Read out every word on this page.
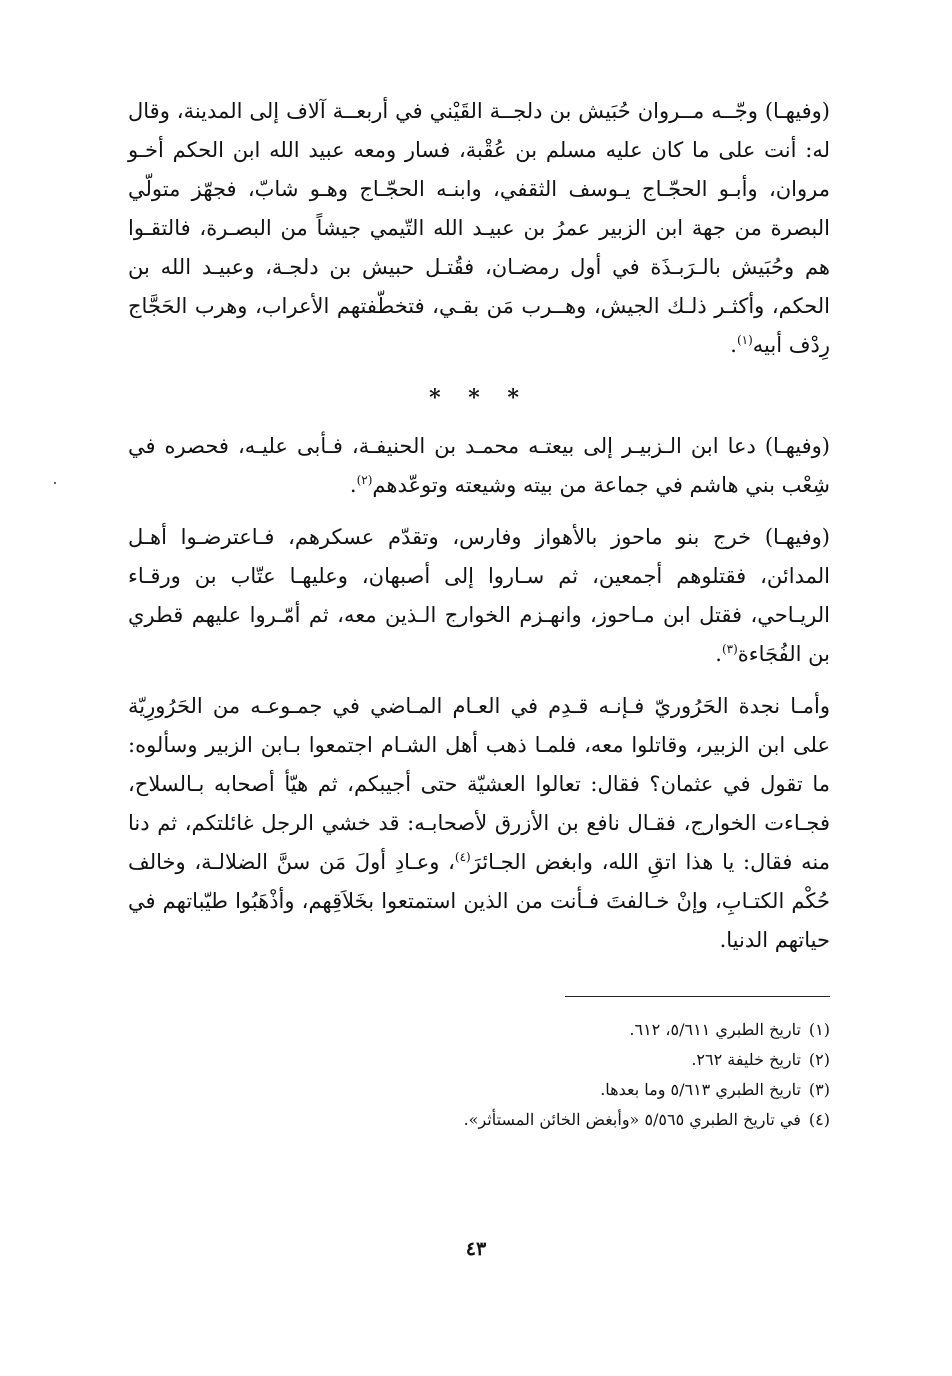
(وفيهـا) وجّــه مــروان حُبَيش بن دلجــة القَيْني في أربعــة آلاف إلى المدينة، وقال له: أنت على ما كان عليه مسلم بن عُقْبة، فسار ومعه عبيد الله ابن الحكم أخـو مروان، وأبـو الحجّـاج يـوسف الثقفي، وابنـه الحجّـاج وهـو شابّ، فجهّز متولّي البصرة من جهة ابن الزبير عمرُ بن عبيـد الله التّيمي جيشاً من البصـرة، فالتقـوا هم وحُبَيش بالـرَبـذَة في أول رمضـان، فقُتـل حبيش بن دلجـة، وعبيـد الله بن الحكم، وأكثـر ذلـك الجيش، وهــرب مَن بقـي، فتخطّفتهم الأعراب، وهرب الحَجَّاج رِدْف أبيه$^{(١)}$.

* * *

(وفيهـا) دعا ابن الـزبيـر إلى بيعتـه محمـد بن الحنيفـة، فـأبى عليـه، فحصره في شِعْب بني هاشم في جماعة من بيته وشيعته وتوعّدهم$^{(٢)}$.

(وفيهـا) خرج بنو ماحوز بالأهواز وفارس، وتقدّم عسكرهم، فـاعترضـوا أهـل المدائن، فقتلوهم أجمعين، ثم سـاروا إلى أصبهان، وعليهـا عتّاب بن ورقـاء الريـاحي، فقتل ابن مـاحوز، وانهـزم الخوارج الـذين معه، ثم أمّـروا عليهم قطري بن الفُجَاءة$^{(٣)}$.

وأمـا نجدة الحَرُوريّ فـإنـه قـدِم في العـام المـاضي في جمـوعـه من الحَرُورِيّة على ابن الزبير، وقاتلوا معه، فلمـا ذهب أهل الشـام اجتمعوا بـابن الزبير وسألوه: ما تقول في عثمان؟ فقال: تعالوا العشيّة حتى أجيبكم، ثم هيّأ أصحابه بـالسلاح، فجـاءت الخوارج، فقـال نافع بن الأزرق لأصحابـه: قد خشي الرجل غائلتكم، ثم دنا منه فقال: يا هذا اتقِ الله، وابغض الجـائرَ$^{(٤)}$، وعـادِ أولَ مَن سنَّ الضلالـة، وخالف حُكْم الكتـابِ، وإنْ خـالفتَ فـأنت من الذين استمتعوا بخَلاَقِهم، وأذْهَبُوا طيّباتهم في حياتهم الدنيا.

(١)تاريخ الطبري ٥/٦١١، ٦١٢.
(٢)تاريخ خليفة ٢٦٢.
(٣)تاريخ الطبري ٥/٦١٣ وما بعدها.
(٤)في تاريخ الطبري ٥/٥٦٥ «وأبغض الخائن المستأثر».
٤٣
